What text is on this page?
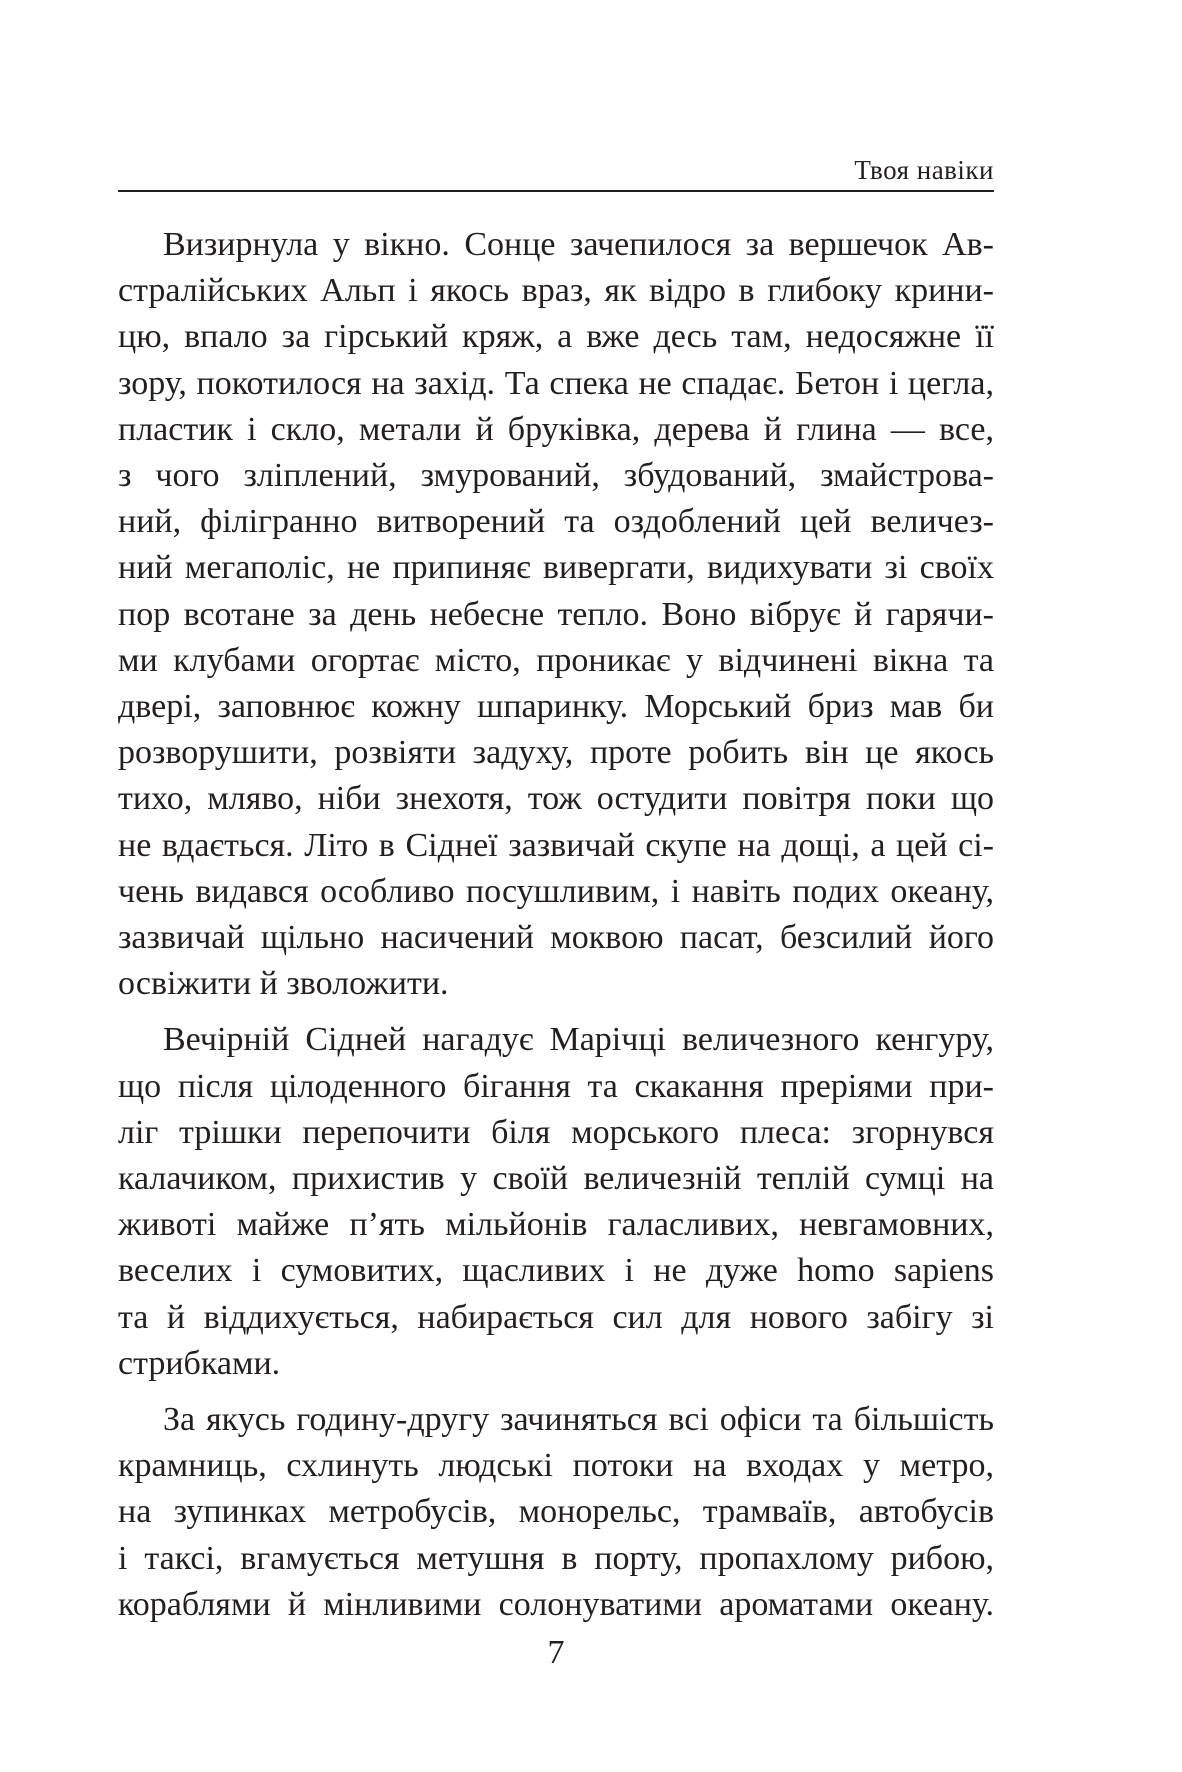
Твоя навіки
Визирнула у вікно. Сонце зачепилося за вершечок Ав-
стралійських Альп і якось враз, як відро в глибоку крини-
цю, впало за гірський кряж, а вже десь там, недосяжне її
зору, покотилося на захід. Та спека не спадає. Бетон і цегла,
пластик і скло, метали й бруківка, дерева й глина — все,
з чого зліплений, змурований, збудований, змайстрова-
ний, філігранно витворений та оздоблений цей величез-
ний мегаполіс, не припиняє вивергати, видихувати зі своїх
пор всотане за день небесне тепло. Воно вібрує й гарячи-
ми клубами огортає місто, проникає у відчинені вікна та
двері, заповнює кожну шпаринку. Морський бриз мав би
розворушити, розвіяти задуху, проте робить він це якось
тихо, мляво, ніби знехотя, тож остудити повітря поки що
не вдається. Літо в Сіднеї зазвичай скупе на дощі, а цей сі-
чень видався особливо посушливим, і навіть подих океану,
зазвичай щільно насичений моквою пасат, безсилий його
освіжити й зволожити.
Вечірній Сідней нагадує Марічці величезного кенгуру,
що після цілоденного бігання та скакання преріями при-
ліг трішки перепочити біля морського плеса: згорнувся
калачиком, прихистив у своїй величезній теплій сумці на
животі майже п’ять мільйонів галасливих, невгамовних,
веселих і сумовитих, щасливих і не дуже homo sapiens
та й віддихується, набирається сил для нового забігу зі
стрибками.
За якусь годину-другу зачиняться всі офіси та більшість
крамниць, схлинуть людські потоки на входах у метро,
на зупинках метробусів, монорельс, трамваїв, автобусів
і таксі, вгамується метушня в порту, пропахлому рибою,
кораблями й мінливими солонуватими ароматами океану.
7
